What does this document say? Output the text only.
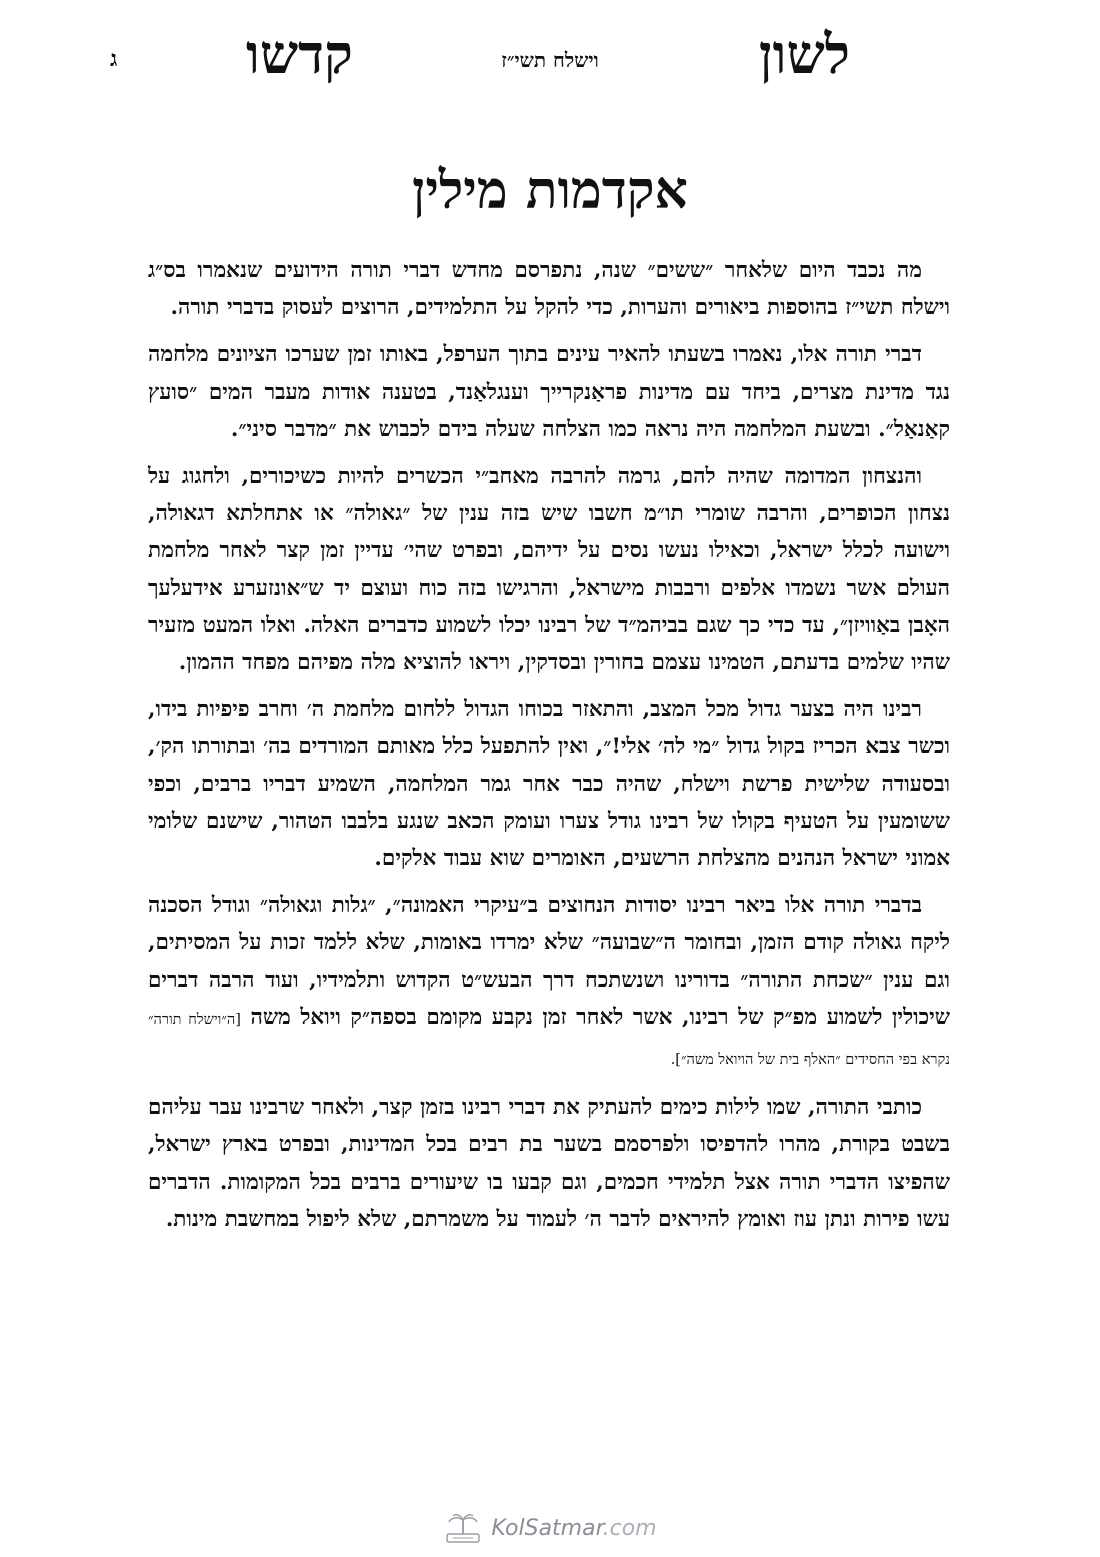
לשון
וישלח תשי״ז
קדשו
ג
אקדמות מילין

מה נכבד היום שלאחר ״ששים״ שנה, נתפרסם מחדש דברי תורה הידועים שנאמרו בס״ג וישלח תשי״ז בהוספות ביאורים והערות, כדי להקל על התלמידים, הרוצים לעסוק בדברי תורה.

דברי תורה אלו, נאמרו בשעתו להאיר עינים בתוך הערפל, באותו זמן שערכו הציונים מלחמה נגד מדינת מצרים, ביחד עם מדינות פראַנקרייך וענגלאַנד, בטענה אודות מעבר המים ״סועץ קאַנאַל״. ובשעת המלחמה היה נראה כמו הצלחה שעלה בידם לכבוש את ״מדבר סיני״.

והנצחון המדומה שהיה להם, גרמה להרבה מאחב״י הכשרים להיות כשיכורים, ולחגוג על נצחון הכופרים, והרבה שומרי תו״מ חשבו שיש בזה ענין של ״גאולה״ או אתחלתא דגאולה, וישועה לכלל ישראל, וכאילו נעשו נסים על ידיהם, ובפרט שהי׳ עדיין זמן קצר לאחר מלחמת העולם אשר נשמדו אלפים ורבבות מישראל, והרגישו בזה כוח ועוצם יד ש״אונזערע אידעלעך האָבן באַוויזן״, עד כדי כך שגם בביהמ״ד של רבינו יכלו לשמוע כדברים האלה. ואלו המעט מזעיר שהיו שלמים בדעתם, הטמינו עצמם בחורין ובסדקין, ויראו להוציא מלה מפיהם מפחד ההמון.

רבינו היה בצער גדול מכל המצב, והתאזר בכוחו הגדול ללחום מלחמת ה׳ וחרב פיפיות בידו, וכשר צבא הכריז בקול גדול ״מי לה׳ אלי!״, ואין להתפעל כלל מאותם המורדים בה׳ ובתורתו הק׳, ובסעודה שלישית פרשת וישלח, שהיה כבר אחר גמר המלחמה, השמיע דבריו ברבים, וכפי ששומעין על הטעיף בקולו של רבינו גודל צערו ועומק הכאב שנגע בלבבו הטהור, שישנם שלומי אמוני ישראל הנהנים מהצלחת הרשעים, האומרים שוא עבוד אלקים.

בדברי תורה אלו ביאר רבינו יסודות הנחוצים ב״עיקרי האמונה״, ״גלות וגאולה״ וגודל הסכנה ליקח גאולה קודם הזמן, ובחומר ה״שבועה״ שלא ימרדו באומות, שלא ללמד זכות על המסיתים, וגם ענין ״שכחת התורה״ בדורינו ושנשתכח דרך הבעש״ט הקדוש ותלמידיו, ועוד הרבה דברים שיכולין לשמוע מפ״ק של רבינו, אשר לאחר זמן נקבע מקומם בספה״ק ויואל משה [ה״וישלח תורה״ נקרא בפי החסידים ״האלף בית של הויואל משה״].

כותבי התורה, שמו לילות כימים להעתיק את דברי רבינו בזמן קצר, ולאחר שרבינו עבר עליהם בשבט בקורת, מהרו להדפיסו ולפרסמם בשער בת רבים בכל המדינות, ובפרט בארץ ישראל, שהפיצו הדברי תורה אצל תלמידי חכמים, וגם קבעו בו שיעורים ברבים בכל המקומות. הדברים עשו פירות ונתן עוז ואומץ להיראים לדבר ה׳ לעמוד על משמרתם, שלא ליפול במחשבת מינות.

KolSatmar.com
